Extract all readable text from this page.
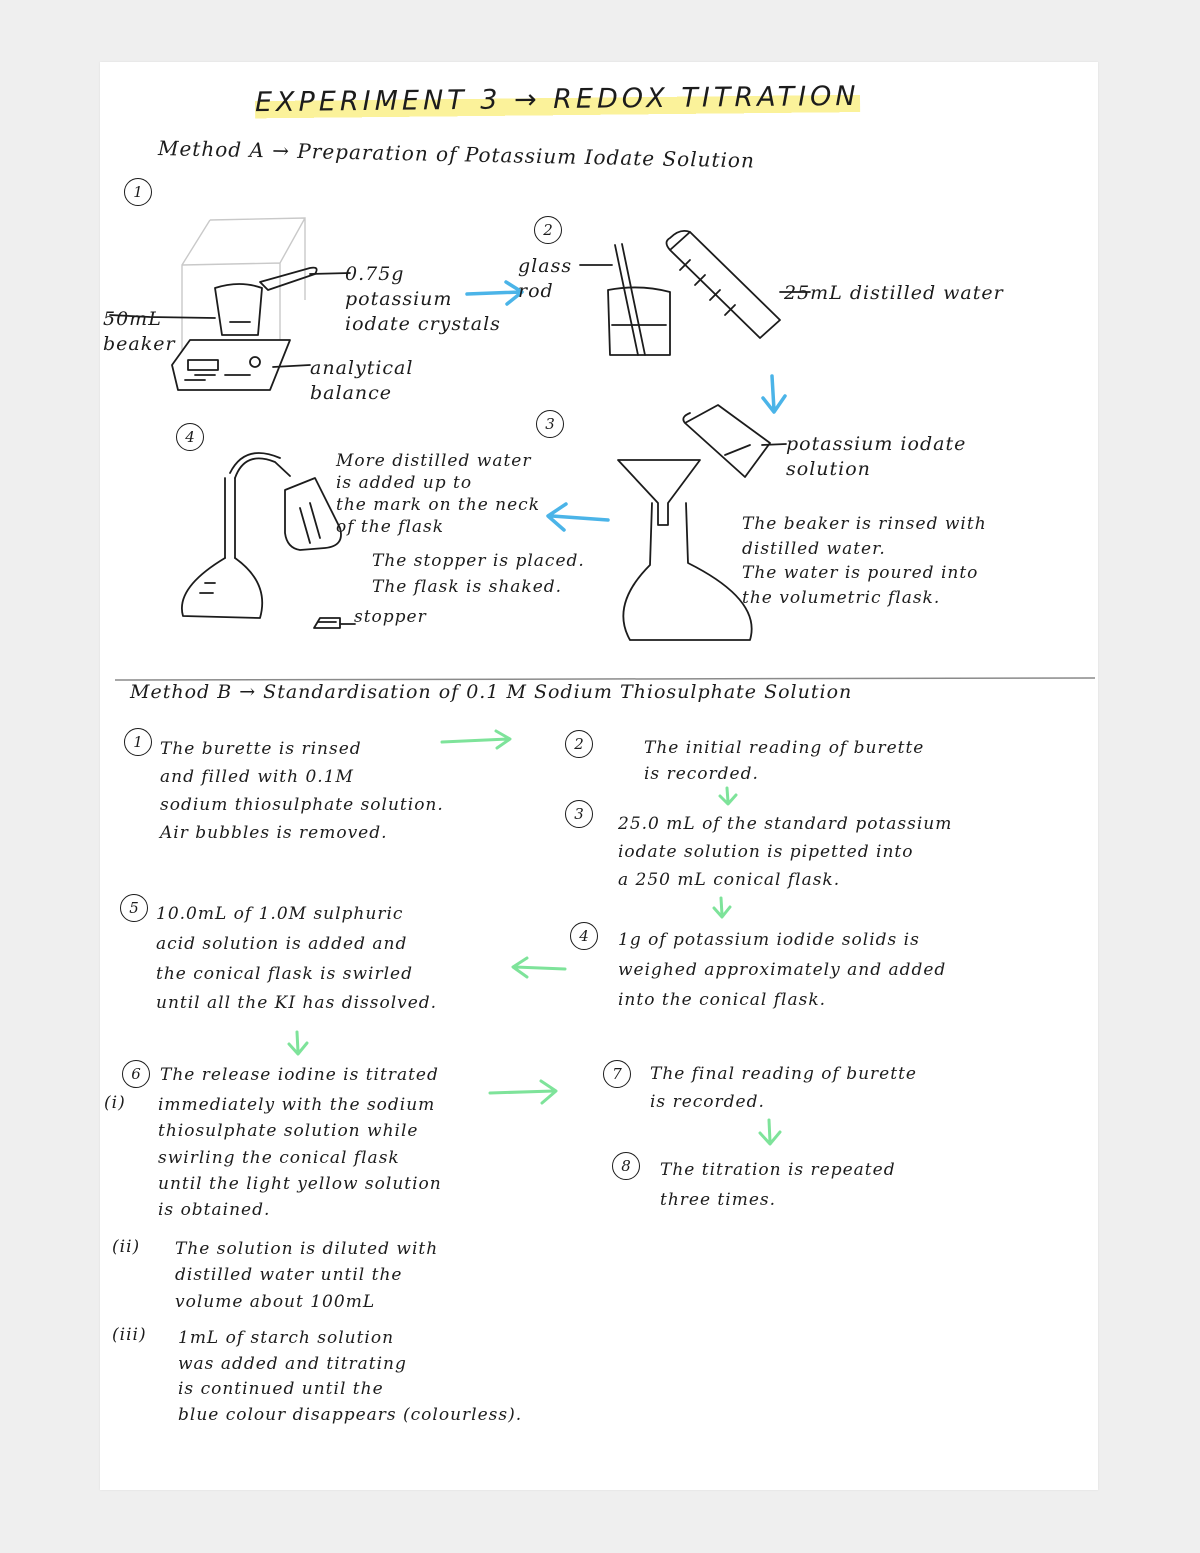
EXPERIMENT 3 → REDOX TITRATION
Method A → Preparation of Potassium Iodate Solution
1
2
3
4
50mL
beaker
0.75g
potassium
iodate crystals
analytical
balance
glass
rod	25mL distilled water
potassium iodate
solution
The beaker is rinsed with
distilled water.
The water is poured into
the volumetric flask.
stopper
More distilled water
is added up to
the mark on the neck
of the flask
The stopper is placed.
The flask is shaked.
Method B → Standardisation of 0.1 M Sodium Thiosulphate Solution
1	The burette is rinsed
and filled with 0.1M
sodium thiosulphate solution.
Air bubbles is removed.
5	10.0mL of 1.0M sulphuric
acid solution is added and
the conical flask is swirled
until all the KI has dissolved.
6	The release iodine is titrated
(i) immediately with the sodium
thiosulphate solution while
swirling the conical flask
until the light yellow solution
is obtained.
(ii) The solution is diluted with
distilled water until the
volume about 100mL
(iii) 1mL of starch solution
was added and titrating
is continued until the
blue colour disappears (colourless).
2	The initial reading of burette
is recorded.
3	25.0 mL of the standard potassium
iodate solution is pipetted into
a 250 mL conical flask.
4	1g of potassium iodide solids is
weighed approximately and added
into the conical flask.
7	The final reading of burette
is recorded.
8	The titration is repeated
three times.
